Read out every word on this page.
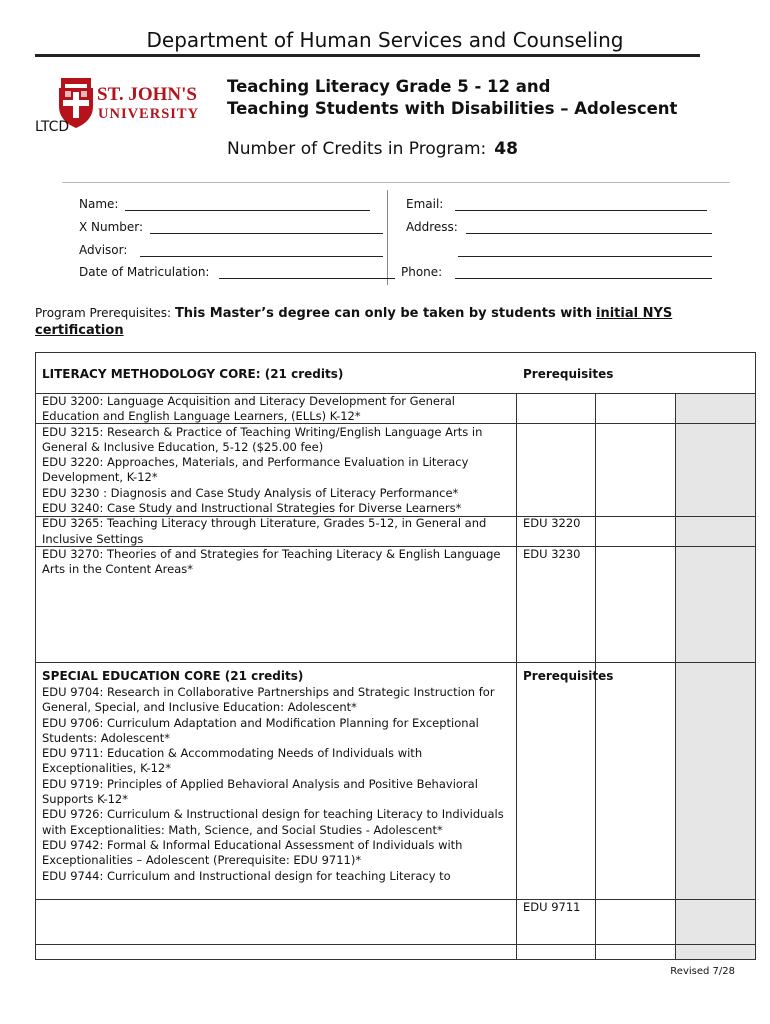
Department of Human Services and Counseling
ST. JOHN'S
UNIVERSITY
LTCD
Teaching Literacy Grade 5 - 12 and
Teaching Students with Disabilities – Adolescent
Number of Credits in Program: 48
Name:
X Number:
Advisor:
Date of Matriculation:
Email:
Address:
Phone:
Program Prerequisites: This Master’s degree can only be taken by students with initial NYS certification
LITERACY METHODOLOGY CORE: (21 credits)	Prerequisites
EDU 3200: Language Acquisition and Literacy Development for General Education and English Language Learners, (ELLs) K-12*
EDU 3215: Research & Practice of Teaching Writing/English Language Arts in General & Inclusive Education, 5-12 ($25.00 fee)
EDU 3220: Approaches, Materials, and Performance Evaluation in Literacy Development, K-12*
EDU 3230 : Diagnosis and Case Study Analysis of Literacy Performance*
EDU 3240: Case Study and Instructional Strategies for Diverse Learners*
EDU 3265: Teaching Literacy through Literature, Grades 5-12, in General and Inclusive Settings
EDU 3270: Theories of and Strategies for Teaching Literacy & English Language Arts in the Content Areas*
EDU 3220
EDU 3230
SPECIAL EDUCATION CORE (21 credits)	Prerequisites
EDU 9704: Research in Collaborative Partnerships and Strategic Instruction for General, Special, and Inclusive Education: Adolescent*
EDU 9706: Curriculum Adaptation and Modification Planning for Exceptional Students: Adolescent*
EDU 9711: Education & Accommodating Needs of Individuals with Exceptionalities, K-12*
EDU 9719: Principles of Applied Behavioral Analysis and Positive Behavioral Supports K-12*
EDU 9726: Curriculum & Instructional design for teaching Literacy to Individuals with Exceptionalities: Math, Science, and Social Studies - Adolescent*
EDU 9742: Formal & Informal Educational Assessment of Individuals with Exceptionalities – Adolescent (Prerequisite: EDU 9711)*
EDU 9744: Curriculum and Instructional design for teaching Literacy to
EDU 9711
Revised 7/28
